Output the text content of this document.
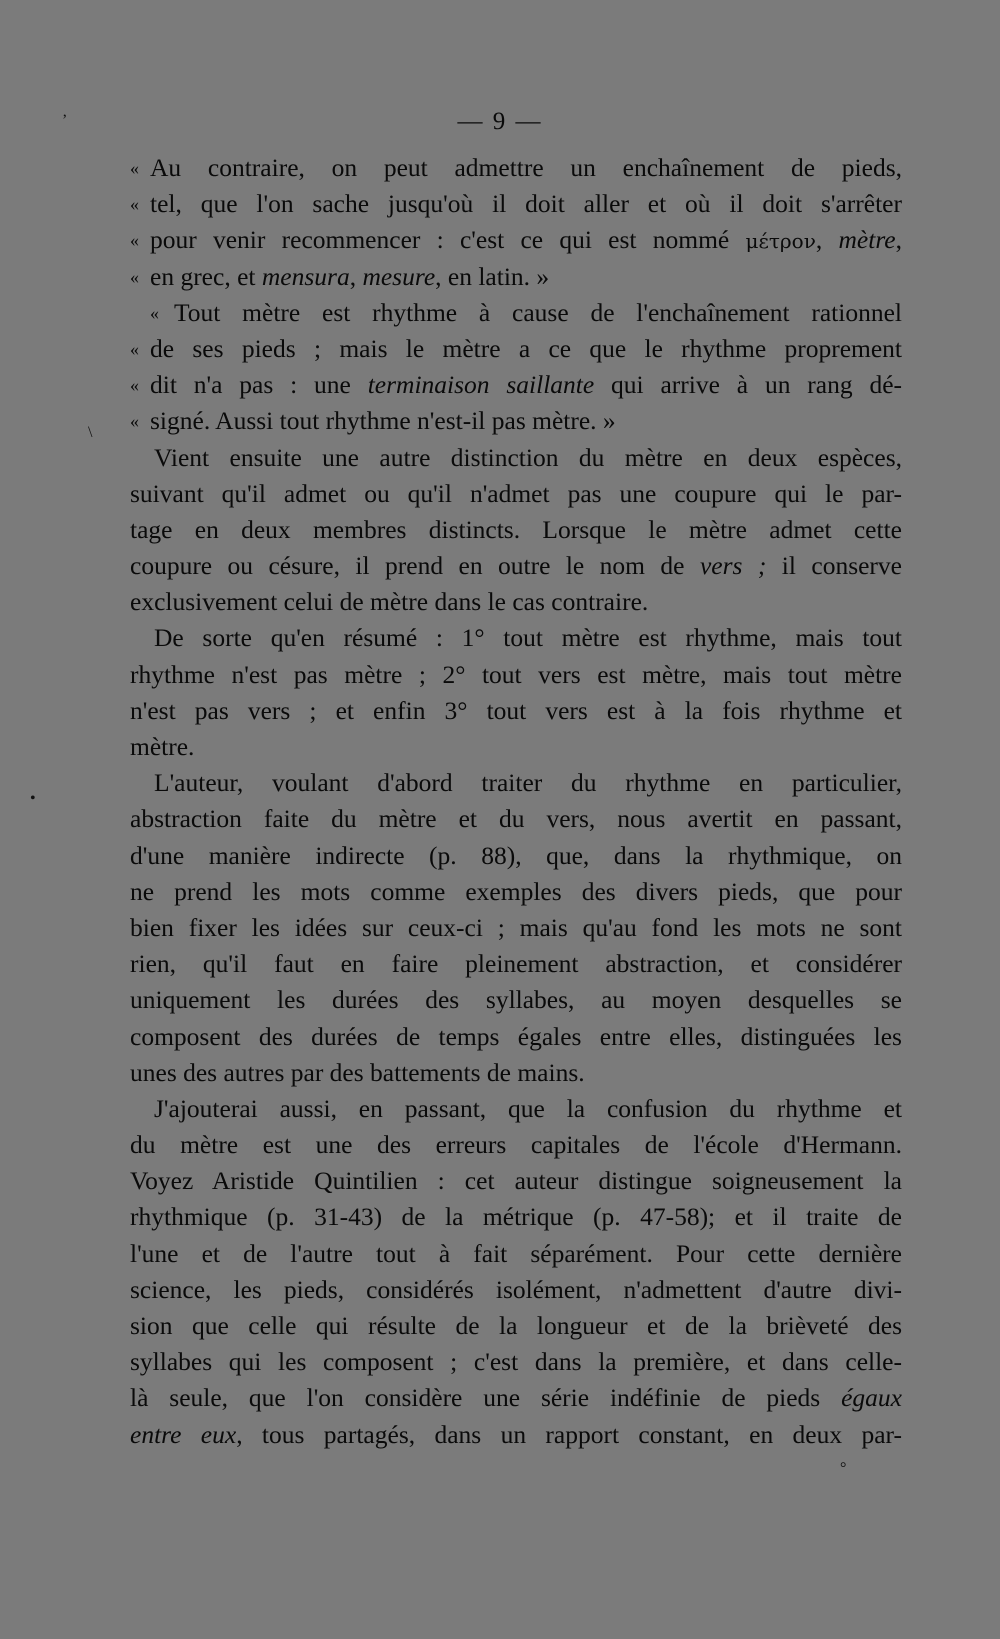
— 9 —
« Au contraire, on peut admettre un enchaînement de pieds,
« tel, que l'on sache jusqu'où il doit aller et où il doit s'arrêter
« pour venir recommencer : c'est ce qui est nommé μέτρον, mètre,
« en grec, et mensura, mesure, en latin. »
« Tout mètre est rhythme à cause de l'enchaînement rationnel
« de ses pieds ; mais le mètre a ce que le rhythme proprement
« dit n'a pas : une terminaison saillante qui arrive à un rang dé-
« signé. Aussi tout rhythme n'est-il pas mètre. »
Vient ensuite une autre distinction du mètre en deux espèces,
suivant qu'il admet ou qu'il n'admet pas une coupure qui le par-
tage en deux membres distincts. Lorsque le mètre admet cette
coupure ou césure, il prend en outre le nom de vers ; il conserve
exclusivement celui de mètre dans le cas contraire.
De sorte qu'en résumé : 1° tout mètre est rhythme, mais tout
rhythme n'est pas mètre ; 2° tout vers est mètre, mais tout mètre
n'est pas vers ; et enfin 3° tout vers est à la fois rhythme et
mètre.
L'auteur, voulant d'abord traiter du rhythme en particulier,
abstraction faite du mètre et du vers, nous avertit en passant,
d'une manière indirecte (p. 88), que, dans la rhythmique, on
ne prend les mots comme exemples des divers pieds, que pour
bien fixer les idées sur ceux-ci ; mais qu'au fond les mots ne sont
rien, qu'il faut en faire pleinement abstraction, et considérer
uniquement les durées des syllabes, au moyen desquelles se
composent des durées de temps égales entre elles, distinguées les
unes des autres par des battements de mains.
J'ajouterai aussi, en passant, que la confusion du rhythme et
du mètre est une des erreurs capitales de l'école d'Hermann.
Voyez Aristide Quintilien : cet auteur distingue soigneusement la
rhythmique (p. 31-43) de la métrique (p. 47-58); et il traite de
l'une et de l'autre tout à fait séparément. Pour cette dernière
science, les pieds, considérés isolément, n'admettent d'autre divi-
sion que celle qui résulte de la longueur et de la brièveté des
syllabes qui les composent ; c'est dans la première, et dans celle-
là seule, que l'on considère une série indéfinie de pieds égaux
entre eux, tous partagés, dans un rapport constant, en deux par-
’
\
•
°
